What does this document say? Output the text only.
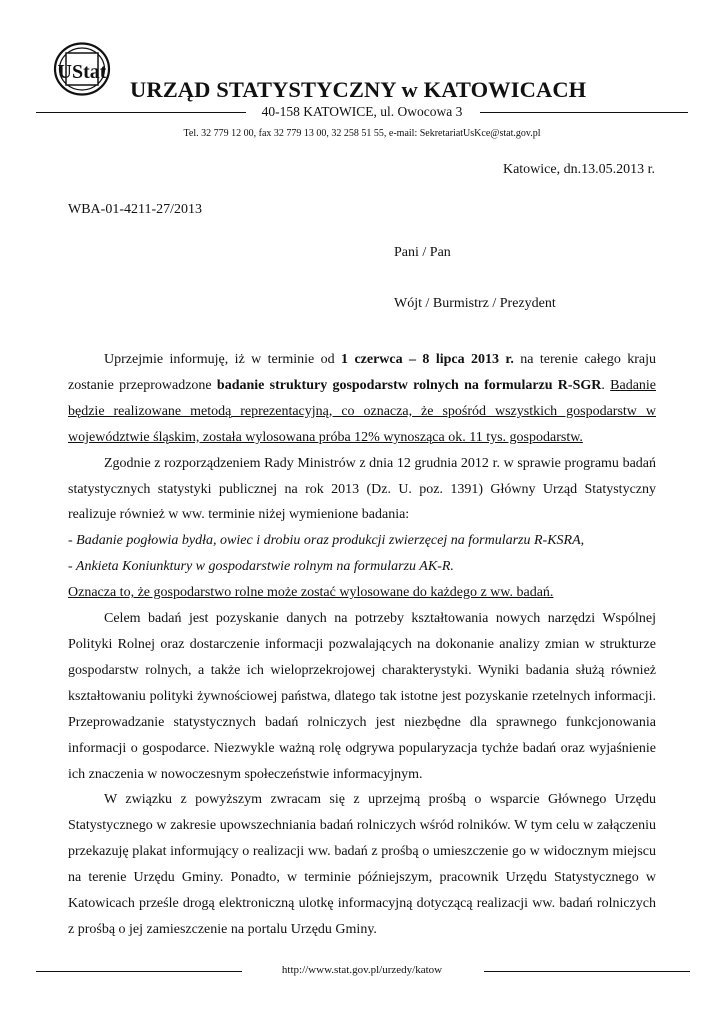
UStat
URZĄD STATYSTYCZNY w KATOWICACH
40-158 KATOWICE, ul. Owocowa 3
Tel. 32 779 12 00, fax 32 779 13 00, 32 258 51 55, e-mail: SekretariatUsKce@stat.gov.pl
Katowice, dn.13.05.2013 r.
WBA-01-4211-27/2013
Pani / Pan
Wójt / Burmistrz / Prezydent

Uprzejmie informuję, iż w terminie od 1 czerwca – 8 lipca 2013 r. na terenie całego kraju zostanie przeprowadzone badanie struktury gospodarstw rolnych na formularzu R-SGR. Badanie będzie realizowane metodą reprezentacyjną, co oznacza, że spośród wszystkich gospodarstw w województwie śląskim, została wylosowana próba 12% wynosząca ok. 11 tys. gospodarstw.

Zgodnie z rozporządzeniem Rady Ministrów z dnia 12 grudnia 2012 r. w sprawie programu badań statystycznych statystyki publicznej na rok 2013 (Dz. U. poz. 1391) Główny Urząd Statystyczny realizuje również w ww. terminie niżej wymienione badania:

- Badanie pogłowia bydła, owiec i drobiu oraz produkcji zwierzęcej na formularzu R-KSRA,

- Ankieta Koniunktury w gospodarstwie rolnym na formularzu AK-R.

Oznacza to, że gospodarstwo rolne może zostać wylosowane do każdego z ww. badań.

Celem badań jest pozyskanie danych na potrzeby kształtowania nowych narzędzi Wspólnej Polityki Rolnej oraz dostarczenie informacji pozwalających na dokonanie analizy zmian w strukturze gospodarstw rolnych, a także ich wieloprzekrojowej charakterystyki. Wyniki badania służą również kształtowaniu polityki żywnościowej państwa, dlatego tak istotne jest pozyskanie rzetelnych informacji. Przeprowadzanie statystycznych badań rolniczych jest niezbędne dla sprawnego funkcjonowania informacji o gospodarce. Niezwykle ważną rolę odgrywa popularyzacja tychże badań oraz wyjaśnienie ich znaczenia w nowoczesnym społeczeństwie informacyjnym.

W związku z powyższym zwracam się z uprzejmą prośbą o wsparcie Głównego Urzędu Statystycznego w zakresie upowszechniania badań rolniczych wśród rolników. W tym celu w załączeniu przekazuję plakat informujący o realizacji ww. badań z prośbą o umieszczenie go w widocznym miejscu na terenie Urzędu Gminy. Ponadto, w terminie późniejszym, pracownik Urzędu Statystycznego w Katowicach prześle drogą elektroniczną ulotkę informacyjną dotyczącą realizacji ww. badań rolniczych z prośbą o jej zamieszczenie na portalu Urzędu Gminy.

http://www.stat.gov.pl/urzedy/katow
